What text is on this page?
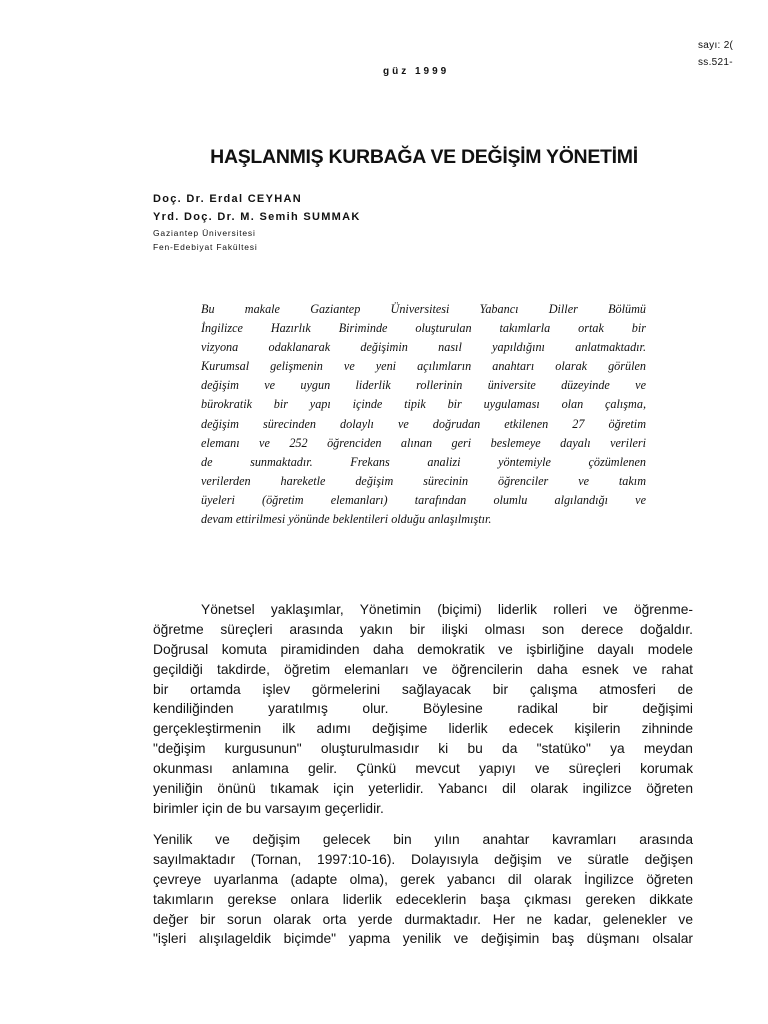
sayı: 2(
ss.521-
güz 1999
HAŞLANMIŞ KURBAĞA VE DEĞİŞİM YÖNETİMİ
Doç. Dr. Erdal CEYHAN
Yrd. Doç. Dr. M. Semih SUMMAK
Gaziantep Üniversitesi
Fen-Edebiyat Fakültesi
Bu makale Gaziantep Üniversitesi Yabancı Diller Bölümü
İngilizce Hazırlık Biriminde oluşturulan takımlarla ortak bir
vizyona odaklanarak değişimin nasıl yapıldığını anlatmaktadır.
Kurumsal gelişmenin ve yeni açılımların anahtarı olarak görülen
değişim ve uygun liderlik rollerinin üniversite düzeyinde ve
bürokratik bir yapı içinde tipik bir uygulaması olan çalışma,
değişim sürecinden dolaylı ve doğrudan etkilenen 27 öğretim
elemanı ve 252 öğrenciden alınan geri beslemeye dayalı verileri
de sunmaktadır. Frekans analizi yöntemiyle çözümlenen
verilerden hareketle değişim sürecinin öğrenciler ve takım
üyeleri (öğretim elemanları) tarafından olumlu algılandığı ve
devam ettirilmesi yönünde beklentileri olduğu anlaşılmıştır.
Yönetsel yaklaşımlar, Yönetimin (biçimi) liderlik rolleri ve öğrenme-
öğretme süreçleri arasında yakın bir ilişki olması son derece doğaldır.
Doğrusal komuta piramidinden daha demokratik ve işbirliğine dayalı modele
geçildiği takdirde, öğretim elemanları ve öğrencilerin daha esnek ve rahat
bir ortamda işlev görmelerini sağlayacak bir çalışma atmosferi de
kendiliğinden yaratılmış olur. Böylesine radikal bir değişimi
gerçekleştirmenin ilk adımı değişime liderlik edecek kişilerin zihninde
"değişim kurgusunun" oluşturulmasıdır ki bu da "statüko" ya meydan
okunması anlamına gelir. Çünkü mevcut yapıyı ve süreçleri korumak
yeniliğin önünü tıkamak için yeterlidir. Yabancı dil olarak ingilizce öğreten
birimler için de bu varsayım geçerlidir.
Yenilik ve değişim gelecek bin yılın anahtar kavramları arasında
sayılmaktadır (Tornan, 1997:10-16). Dolayısıyla değişim ve süratle değişen
çevreye uyarlanma (adapte olma), gerek yabancı dil olarak İngilizce öğreten
takımların gerekse onlara liderlik edeceklerin başa çıkması gereken dikkate
değer bir sorun olarak orta yerde durmaktadır. Her ne kadar, gelenekler ve
"işleri alışılageldik biçimde" yapma yenilik ve değişimin baş düşmanı olsalar
